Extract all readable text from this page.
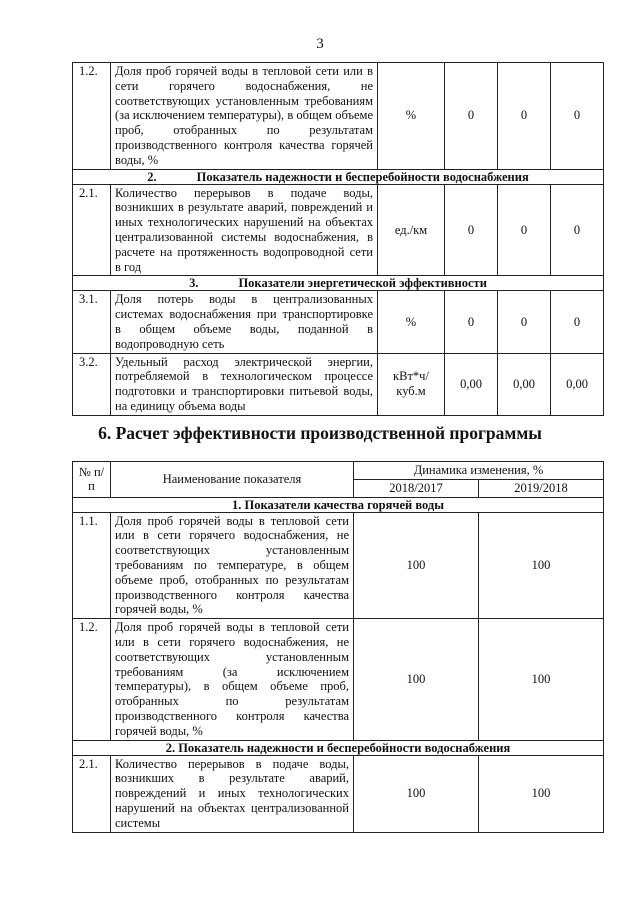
3
1.2.	Доля проб горячей воды в тепловой сети или в сети горячего водоснабжения, не соответствующих установленным требованиям (за исключением температуры), в общем объеме проб, отобранных по результатам производственного контроля качества горячей воды, %	%	0	0	0
2. Показатель надежности и бесперебойности водоснабжения					
2.1.	Количество перерывов в подаче воды, возникших в результате аварий, повреждений и иных технологических нарушений на объектах централизованной системы водоснабжения, в расчете на протяженность водопроводной сети в год	ед./км	0	0	0
3. Показатели энергетической эффективности					
3.1.	Доля потерь воды в централизованных системах водоснабжения при транспортировке в общем объеме воды, поданной в водопроводную сеть	%	0	0	0
3.2.	Удельный расход электрической энергии, потребляемой в технологическом процессе подготовки и транспортировки питьевой воды, на единицу объема воды	кВт*ч/ куб.м	0,00	0,00	0,00
6. Расчет эффективности производственной программы
№ п/п	Наименование показателя	Динамика изменения, %	
		2018/2017	2019/2018
1. Показатели качества горячей воды			
1.1.	Доля проб горячей воды в тепловой сети или в сети горячего водоснабжения, не соответствующих установленным требованиям по температуре, в общем объеме проб, отобранных по результатам производственного контроля качества горячей воды, %	100	100
1.2.	Доля проб горячей воды в тепловой сети или в сети горячего водоснабжения, не соответствующих установленным требованиям (за исключением температуры), в общем объеме проб, отобранных по результатам производственного контроля качества горячей воды, %	100	100
2. Показатель надежности и бесперебойности водоснабжения			
2.1.	Количество перерывов в подаче воды, возникших в результате аварий, повреждений и иных технологических нарушений на объектах централизованной системы	100	100
